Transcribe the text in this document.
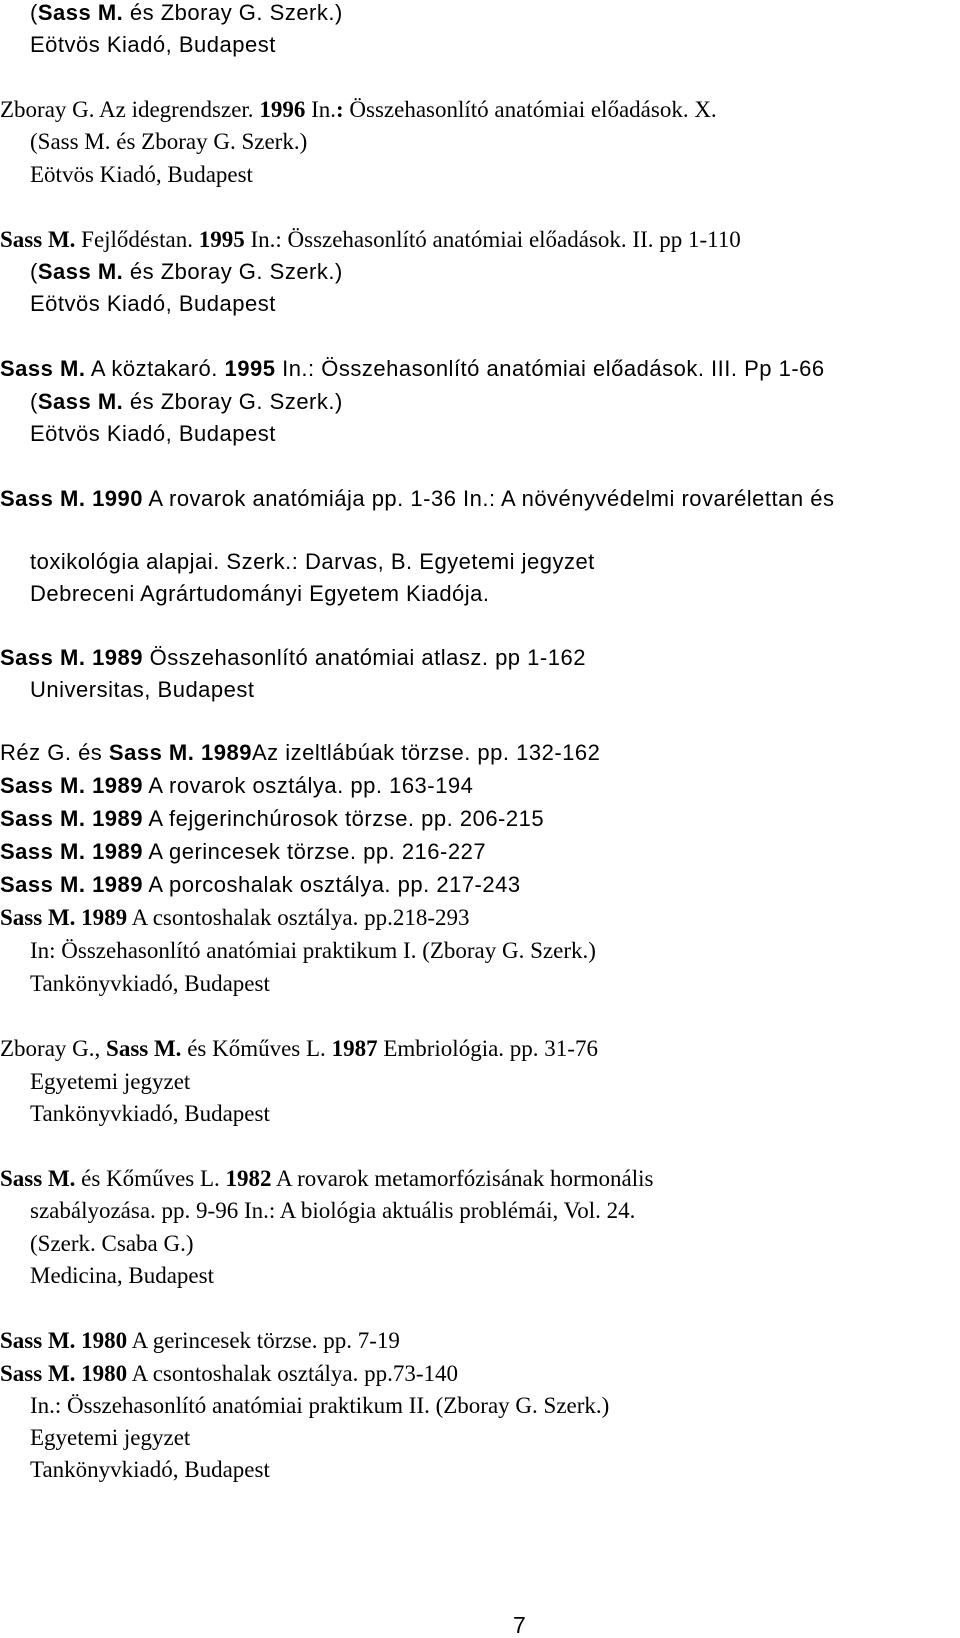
(Sass M. és Zboray G. Szerk.)
Eötvös Kiadó, Budapest
Zboray G. Az idegrendszer. 1996 In.: Összehasonlító anatómiai előadások. X.
(Sass M. és Zboray G. Szerk.)
Eötvös Kiadó, Budapest
Sass M. Fejlődéstan. 1995 In.: Összehasonlító anatómiai előadások. II. pp 1-110
(Sass M. és Zboray G. Szerk.)
Eötvös Kiadó, Budapest
Sass M. A köztakaró. 1995 In.: Összehasonlító anatómiai előadások. III. Pp 1-66
(Sass M. és Zboray G. Szerk.)
Eötvös Kiadó, Budapest
Sass M. 1990 A rovarok anatómiája pp. 1-36 In.: A növényvédelmi rovarélettan és
toxikológia alapjai. Szerk.: Darvas, B. Egyetemi jegyzet
Debreceni Agrártudományi Egyetem Kiadója.
Sass M. 1989 Összehasonlító anatómiai atlasz. pp 1-162
Universitas, Budapest
Réz G. és Sass M. 1989Az izeltlábúak törzse. pp. 132-162
Sass M. 1989 A rovarok osztálya. pp. 163-194
Sass M. 1989 A fejgerinchúrosok törzse. pp. 206-215
Sass M. 1989 A gerincesek törzse. pp. 216-227
Sass M. 1989 A porcoshalak osztálya. pp. 217-243
Sass M. 1989 A csontoshalak osztálya. pp.218-293
In: Összehasonlító anatómiai praktikum I. (Zboray G. Szerk.)
Tankönyvkiadó, Budapest
Zboray G., Sass M. és Kőműves L. 1987 Embriológia. pp. 31-76
Egyetemi jegyzet
Tankönyvkiadó, Budapest
Sass M. és Kőműves L. 1982 A rovarok metamorfózisának hormonális
szabályozása. pp. 9-96 In.: A biológia aktuális problémái, Vol. 24.
(Szerk. Csaba G.)
Medicina, Budapest
Sass M. 1980 A gerincesek törzse. pp. 7-19
Sass M. 1980 A csontoshalak osztálya. pp.73-140
In.: Összehasonlító anatómiai praktikum II. (Zboray G. Szerk.)
Egyetemi jegyzet
Tankönyvkiadó, Budapest
7
